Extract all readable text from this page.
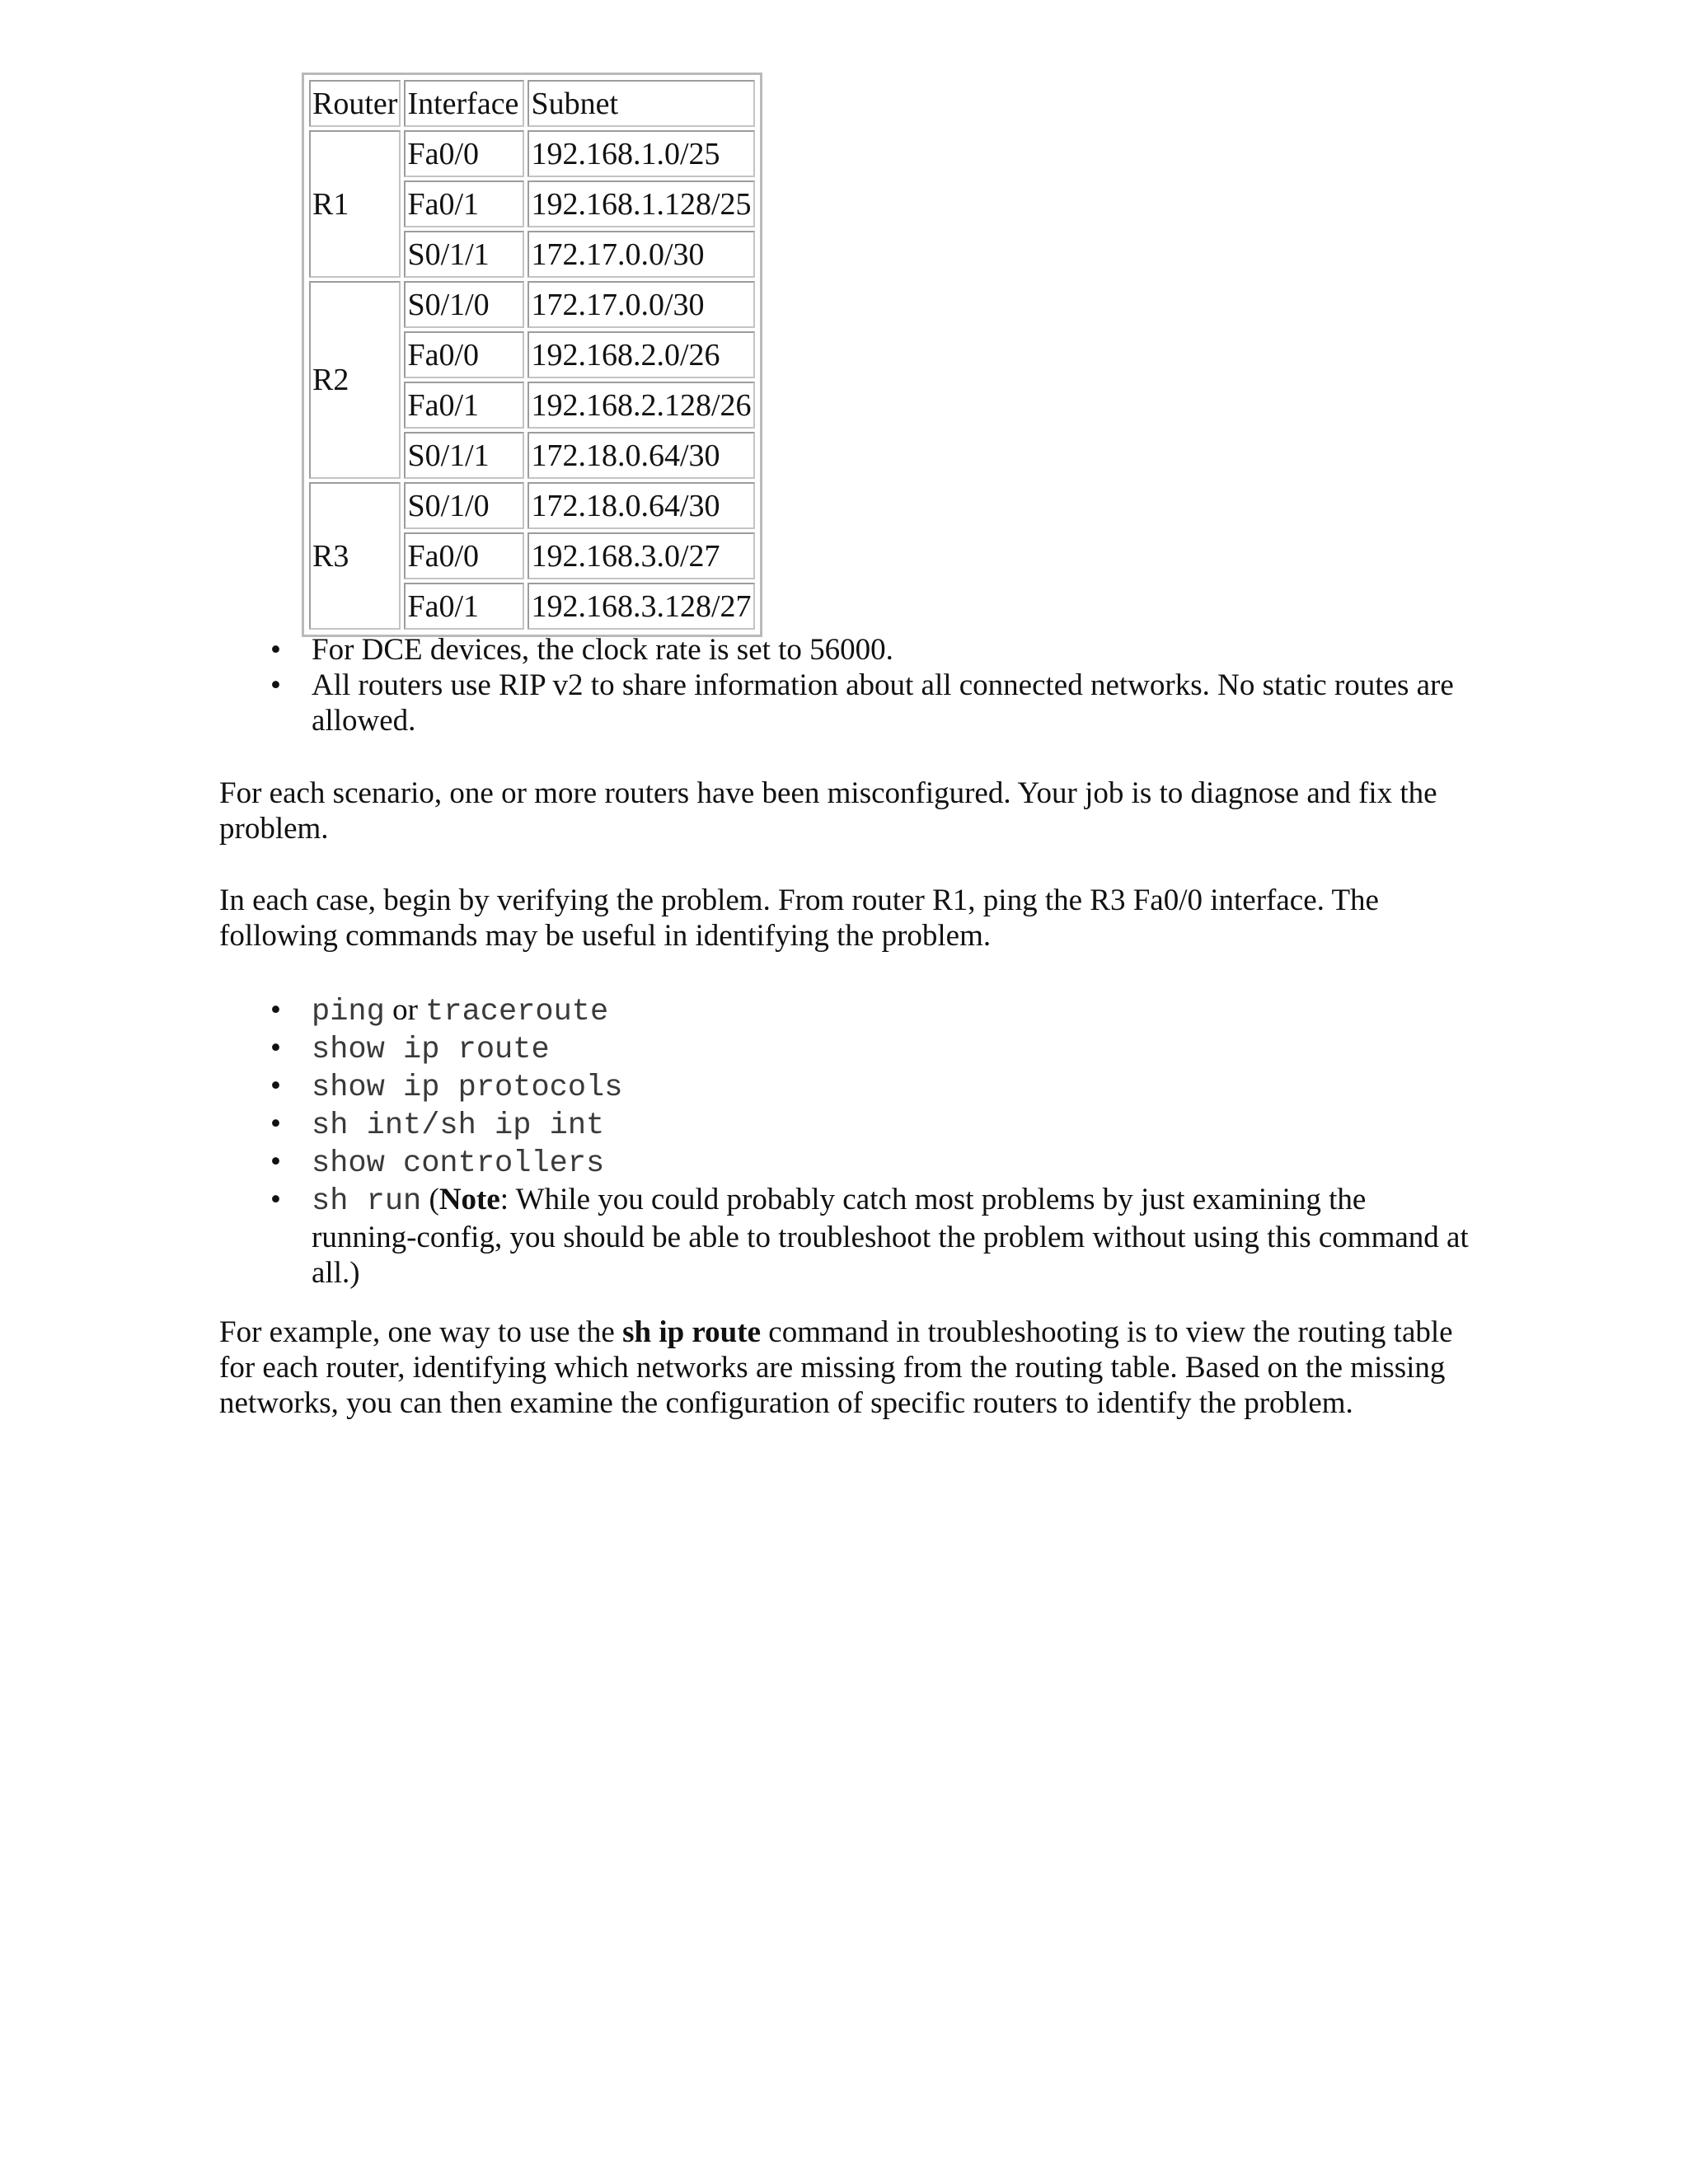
Router	Interface	Subnet
R1	Fa0/0	192.168.1.0/25
	Fa0/1	192.168.1.128/25
	S0/1/1	172.17.0.0/30
R2	S0/1/0	172.17.0.0/30
	Fa0/0	192.168.2.0/26
	Fa0/1	192.168.2.128/26
	S0/1/1	172.18.0.64/30
R3	S0/1/0	172.18.0.64/30
	Fa0/0	192.168.3.0/27
	Fa0/1	192.168.3.128/27
• For DCE devices, the clock rate is set to 56000.
• All routers use RIP v2 to share information about all connected networks. No static routes are allowed.

For each scenario, one or more routers have been misconfigured. Your job is to diagnose and fix the problem.

In each case, begin by verifying the problem. From router R1, ping the R3 Fa0/0 interface. The following commands may be useful in identifying the problem.

• ping or traceroute
• show ip route
• show ip protocols
• sh int/sh ip int
• show controllers
• sh run (Note: While you could probably catch most problems by just examining the running-config, you should be able to troubleshoot the problem without using this command at all.)

For example, one way to use the sh ip route command in troubleshooting is to view the routing table for each router, identifying which networks are missing from the routing table. Based on the missing networks, you can then examine the configuration of specific routers to identify the problem.
